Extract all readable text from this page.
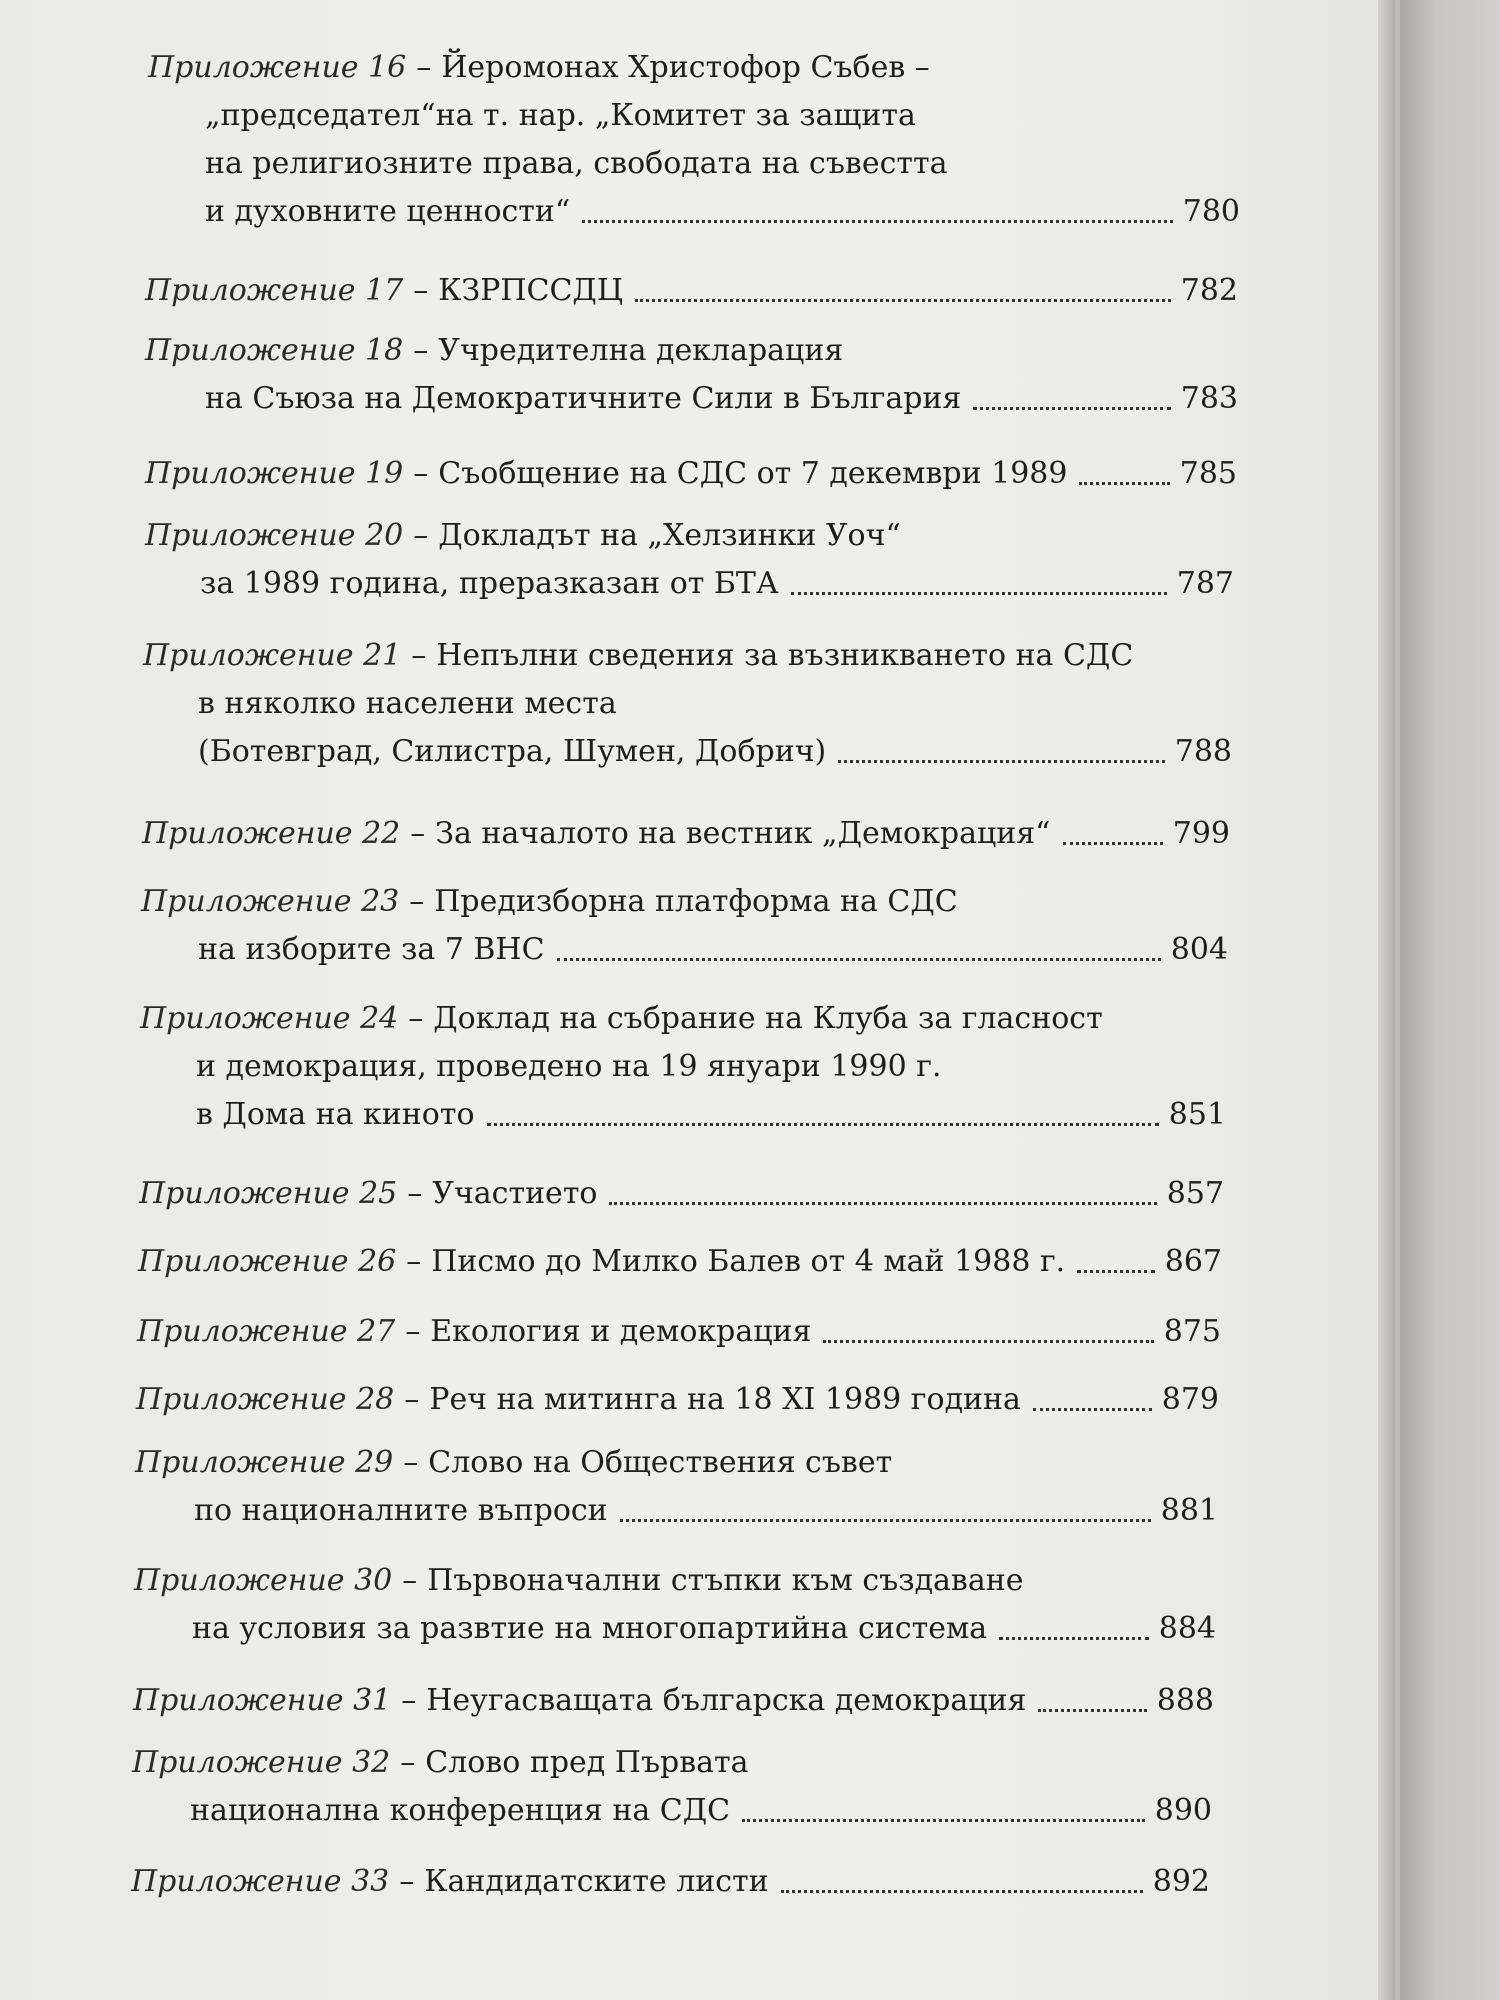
Приложение 16 – Йеромонах Христофор Събев –
„председател“на т. нар. „Комитет за защита
на религиозните права, свободата на съвестта
и духовните ценности“	780
Приложение 17 – КЗРПССДЦ	782
Приложение 18 – Учредителна декларация
на Съюза на Демократичните Сили в България	783
Приложение 19 – Съобщение на СДС от 7 декември 1989	785
Приложение 20 – Докладът на „Хелзинки Уоч“
за 1989 година, преразказан от БТА	787
Приложение 21 – Непълни сведения за възникването на СДС
в няколко населени места
(Ботевград, Силистра, Шумен, Добрич)	788
Приложение 22 – За началото на вестник „Демокрация“	799
Приложение 23 – Предизборна платформа на СДС
на изборите за 7 ВНС	804
Приложение 24 – Доклад на събрание на Клуба за гласност
и демокрация, проведено на 19 януари 1990 г.
в Дома на киното	851
Приложение 25 – Участието	857
Приложение 26 – Писмо до Милко Балев от 4 май 1988 г.	867
Приложение 27 – Екология и демокрация	875
Приложение 28 – Реч на митинга на 18 XI 1989 година	879
Приложение 29 – Слово на Обществения съвет
по националните въпроси	881
Приложение 30 – Първоначални стъпки към създаване
на условия за развтие на многопартийна система	884
Приложение 31 – Неугасващата българска демокрация	888
Приложение 32 – Слово пред Първата
национална конференция на СДС	890
Приложение 33 – Кандидатските листи	892
